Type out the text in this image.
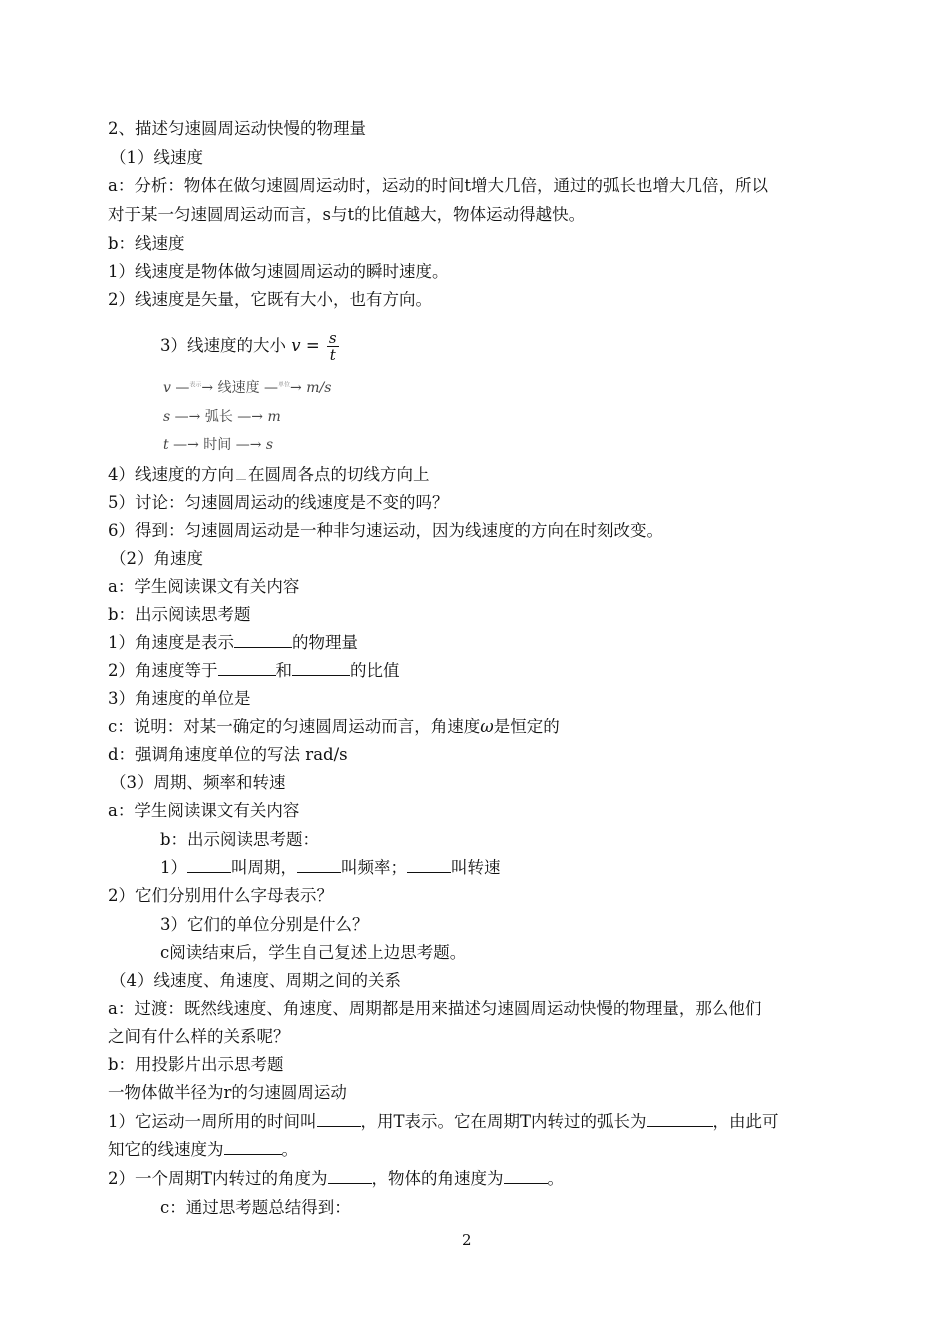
2、描述匀速圆周运动快慢的物理量
（1）线速度
a：分析：物体在做匀速圆周运动时，运动的时间t增大几倍，通过的弧长也增大几倍，所以
对于某一匀速圆周运动而言，s与t的比值越大，物体运动得越快。
b：线速度
1）线速度是物体做匀速圆周运动的瞬时速度。
2）线速度是矢量，它既有大小，也有方向。
3）线速度的大小 $v = \frac{s}{t}$
v —$^{表示}$→ 线速度 —$^{单位}$→ m/s
s —→ 弧长 —→ m
t —→ 时间 —→ s
4）线速度的方向 在圆周各点的切线方向上
5）讨论：匀速圆周运动的线速度是不变的吗？
6）得到：匀速圆周运动是一种非匀速运动，因为线速度的方向在时刻改变。
（2）角速度
a：学生阅读课文有关内容
b：出示阅读思考题
1）角速度是表示	的物理量
2）角速度等于	和	的比值
3）角速度的单位是
c：说明：对某一确定的匀速圆周运动而言，角速度ω是恒定的
d：强调角速度单位的写法 rad/s
（3）周期、频率和转速
a：学生阅读课文有关内容
b：出示阅读思考题：
1）	叫周期，	叫频率；	叫转速
2）它们分别用什么字母表示？
3）它们的单位分别是什么？
c阅读结束后，学生自己复述上边思考题。
（4）线速度、角速度、周期之间的关系
a：过渡：既然线速度、角速度、周期都是用来描述匀速圆周运动快慢的物理量，那么他们
之间有什么样的关系呢？
b：用投影片出示思考题
一物体做半径为r的匀速圆周运动
1）它运动一周所用的时间叫	，用T表示。它在周期T内转过的弧长为	，由此可
知它的线速度为	。
2）一个周期T内转过的角度为	，物体的角速度为	。
c：通过思考题总结得到：
2
